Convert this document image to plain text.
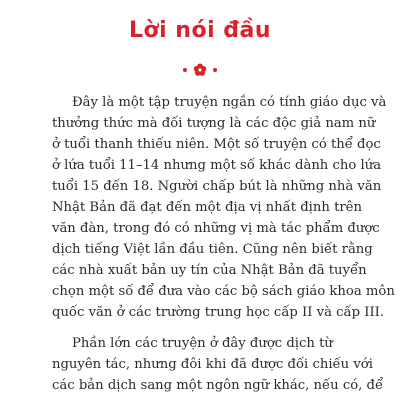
Lời nói đầu

Đây là một tập truyện ngắn có tính giáo dục và
thưởng thức mà đối tượng là các độc giả nam nữ
ở tuổi thanh thiếu niên. Một số truyện có thể đọc
ở lứa tuổi 11–14 nhưng một số khác dành cho lứa
tuổi 15 đến 18. Người chấp bút là những nhà văn
Nhật Bản đã đạt đến một địa vị nhất định trên
văn đàn, trong đó có những vị mà tác phẩm được
dịch tiếng Việt lần đầu tiên. Cũng nên biết rằng
các nhà xuất bản uy tín của Nhật Bản đã tuyển
chọn một số để đưa vào các bộ sách giáo khoa môn
quốc văn ở các trường trung học cấp II và cấp III.

Phần lớn các truyện ở đây được dịch từ
nguyên tác, nhưng đôi khi đã được đối chiếu với
các bản dịch sang một ngôn ngữ khác, nếu có, để
